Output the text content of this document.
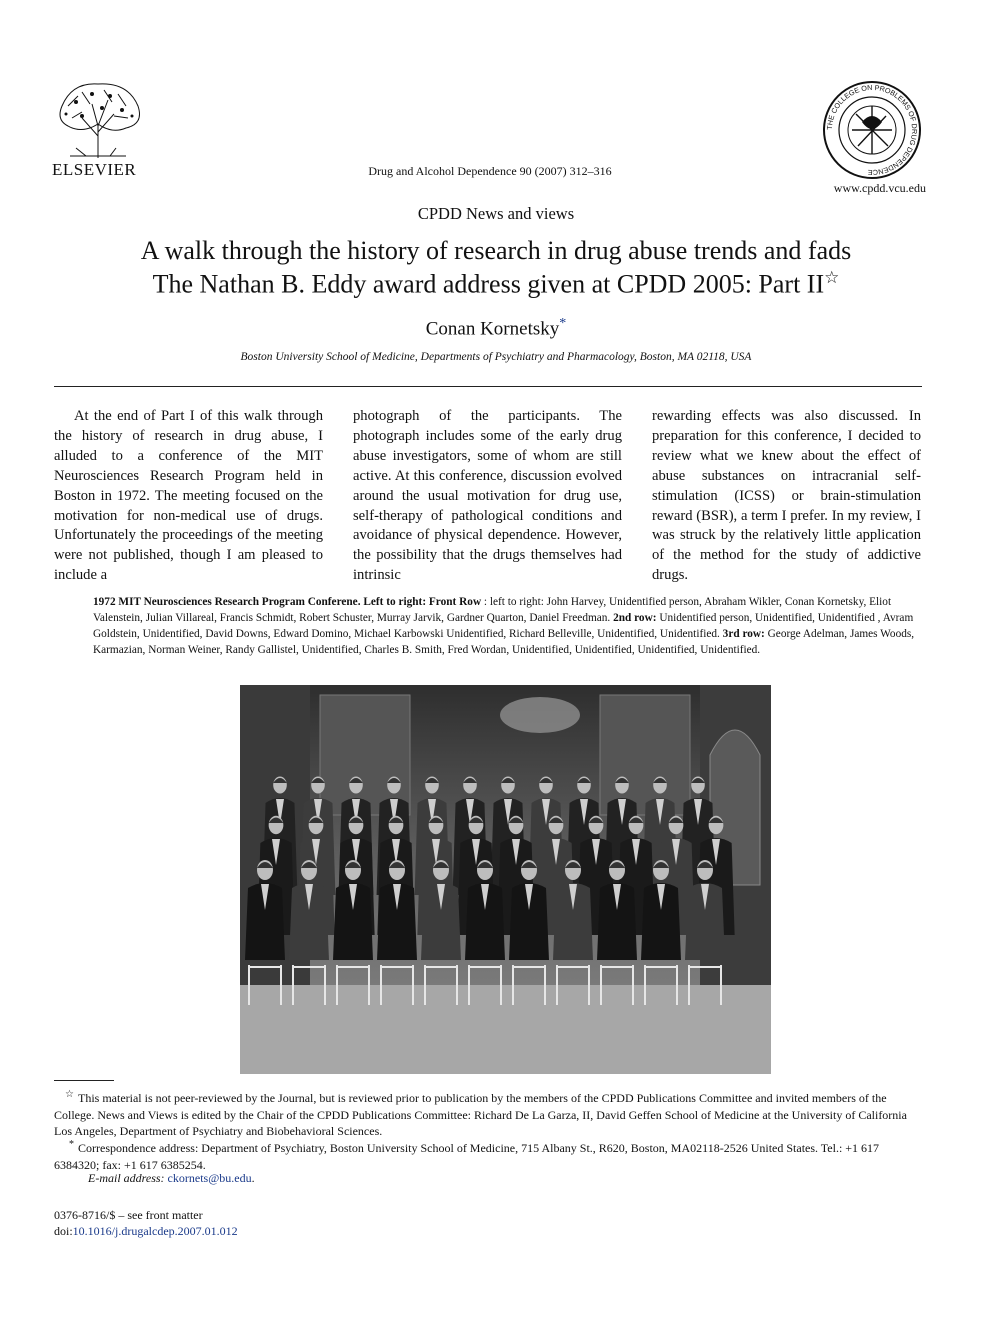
ELSEVIER	Drug and Alcohol Dependence 90 (2007) 312–316
THE COLLEGE ON PROBLEMS OF DRUG DEPENDENCE
www.cpdd.vcu.edu
CPDD News and views
A walk through the history of research in drug abuse trends and fads
The Nathan B. Eddy award address given at CPDD 2005: Part II☆
Conan Kornetsky*
Boston University School of Medicine, Departments of Psychiatry and Pharmacology, Boston, MA 02118, USA
At the end of Part I of this walk through the history of research in drug abuse, I alluded to a conference of the MIT Neurosciences Research Program held in Boston in 1972. The meeting focused on the motivation for non-medical use of drugs. Unfortunately the proceedings of the meeting were not published, though I am pleased to include a
photograph of the participants. The photograph includes some of the early drug abuse investigators, some of whom are still active. At this conference, discussion evolved around the usual motivation for drug use, self-therapy of pathological conditions and avoidance of physical dependence. However, the possibility that the drugs themselves had intrinsic
rewarding effects was also discussed. In preparation for this conference, I decided to review what we knew about the effect of abuse substances on intracranial self-stimulation (ICSS) or brain-stimulation reward (BSR), a term I prefer. In my review, I was struck by the relatively little application of the method for the study of addictive drugs.
1972 MIT Neurosciences Research Program Conferene. Left to right: Front Row : left to right: John Harvey, Unidentified person, Abraham Wikler, Conan Kornetsky, Eliot Valenstein, Julian Villareal, Francis Schmidt, Robert Schuster, Murray Jarvik, Gardner Quarton, Daniel Freedman. 2nd row: Unidentified person, Unidentified, Unidentified , Avram Goldstein, Unidentified, David Downs, Edward Domino, Michael Karbowski Unidentified, Richard Belleville, Unidentified, Unidentified. 3rd row: George Adelman, James Woods, Karmazian, Norman Weiner, Randy Gallistel, Unidentified, Charles B. Smith, Fred Wordan, Unidentified, Unidentified, Unidentified, Unidentified.
☆ This material is not peer-reviewed by the Journal, but is reviewed prior to publication by the members of the CPDD Publications Committee and invited members of the College. News and Views is edited by the Chair of the CPDD Publications Committee: Richard De La Garza, II, David Geffen School of Medicine at the University of California Los Angeles, Department of Psychiatry and Biobehavioral Sciences.
* Correspondence address: Department of Psychiatry, Boston University School of Medicine, 715 Albany St., R620, Boston, MA02118-2526 United States. Tel.: +1 617 6384320; fax: +1 617 6385254.
E-mail address: ckornets@bu.edu.
0376-8716/$ – see front matter
doi:10.1016/j.drugalcdep.2007.01.012
